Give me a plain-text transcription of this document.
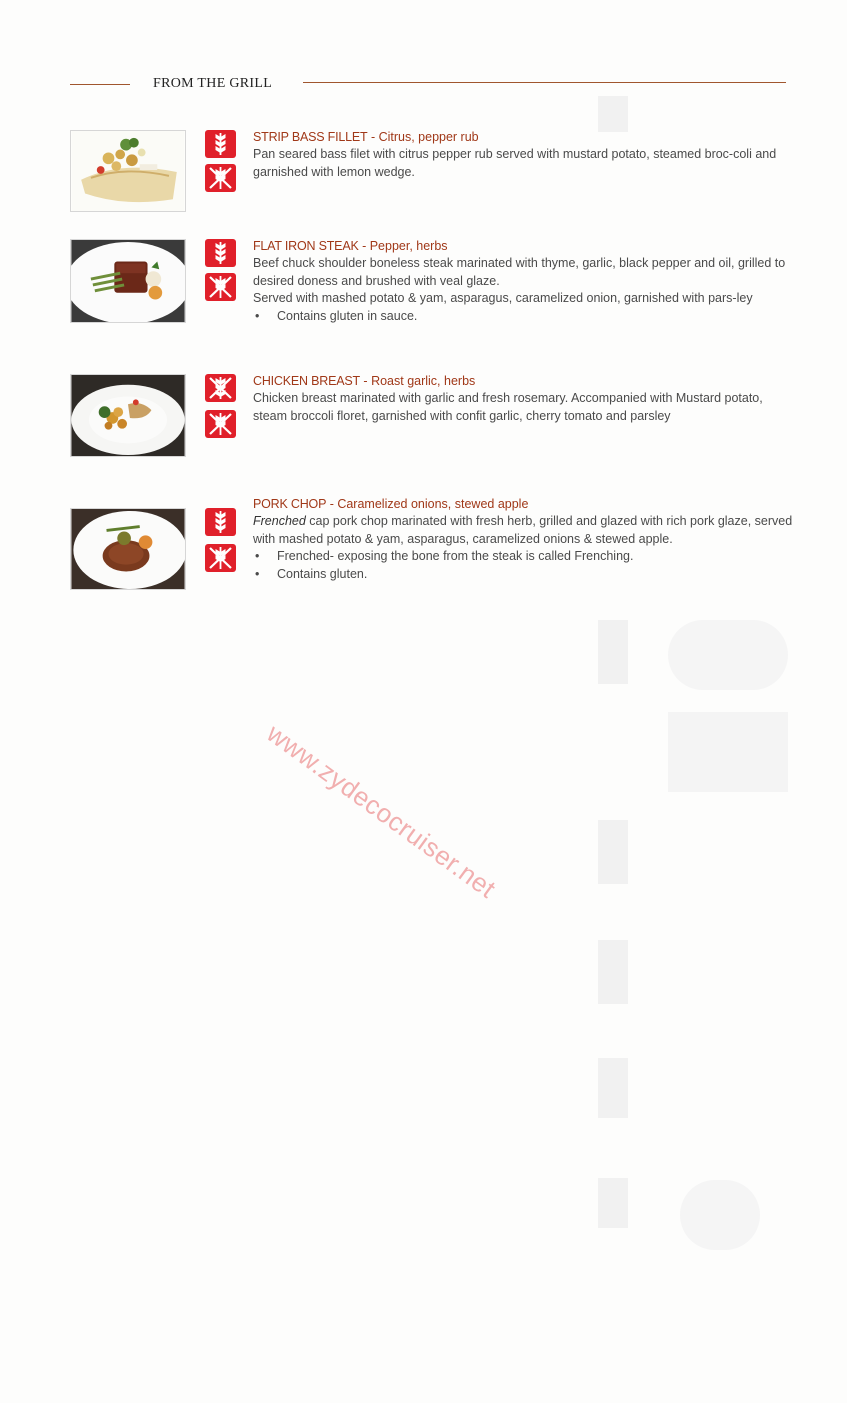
FROM THE GRILL
STRIP BASS FILLET - Citrus, pepper rub

Pan seared bass filet with citrus pepper rub served with mustard potato, steamed broc-coli and garnished with lemon wedge.

FLAT IRON STEAK - Pepper, herbs

Beef chuck shoulder boneless steak marinated with thyme, garlic, black pepper and oil, grilled to desired doness and brushed with veal glaze.

Served with mashed potato & yam, asparagus, caramelized onion, garnished with pars-ley

• Contains gluten in sauce.
CHICKEN BREAST - Roast garlic, herbs

Chicken breast marinated with garlic and fresh rosemary. Accompanied with Mustard potato, steam broccoli floret, garnished with confit garlic, cherry tomato and parsley

PORK CHOP - Caramelized onions, stewed apple

Frenched cap pork chop marinated with fresh herb, grilled and glazed with rich pork glaze, served with mashed potato & yam, asparagus, caramelized onions & stewed apple.

• Frenched- exposing the bone from the steak is called Frenching.
• Contains gluten.
www.zydecocruiser.net
